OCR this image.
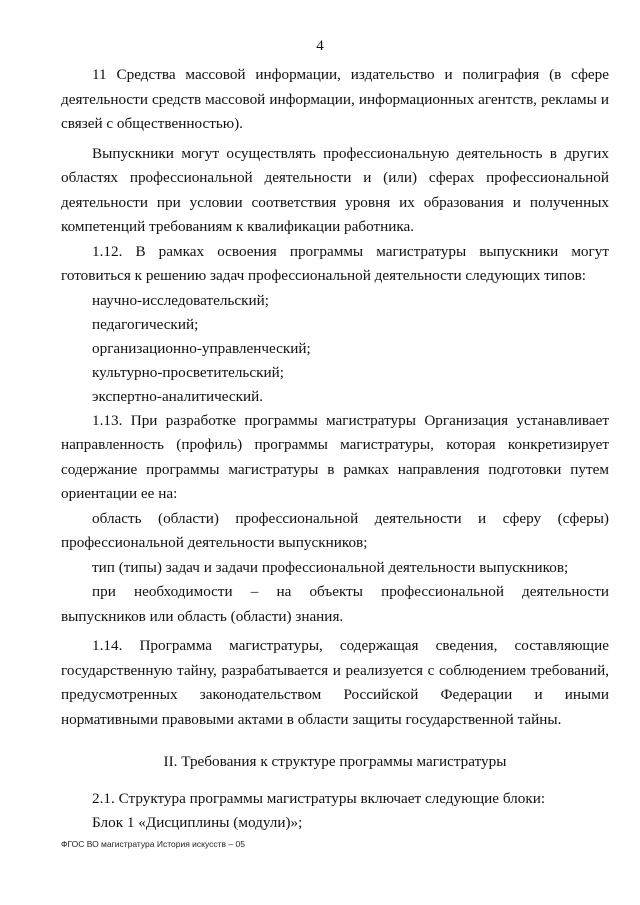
4

11 Средства массовой информации, издательство и полиграфия (в сфере деятельности средств массовой информации, информационных агентств, рекламы и связей с общественностью).

Выпускники могут осуществлять профессиональную деятельность в других областях профессиональной деятельности и (или) сферах профессиональной деятельности при условии соответствия уровня их образования и полученных компетенций требованиям к квалификации работника.

1.12. В рамках освоения программы магистратуры выпускники могут готовиться к решению задач профессиональной деятельности следующих типов:

научно-исследовательский;

педагогический;

организационно-управленческий;

культурно-просветительский;

экспертно-аналитический.

1.13. При разработке программы магистратуры Организация устанавливает направленность (профиль) программы магистратуры, которая конкретизирует содержание программы магистратуры в рамках направления подготовки путем ориентации ее на:

область (области) профессиональной деятельности и сферу (сферы) профессиональной деятельности выпускников;

тип (типы) задач и задачи профессиональной деятельности выпускников;

при необходимости – на объекты профессиональной деятельности выпускников или область (области) знания.

1.14. Программа магистратуры, содержащая сведения, составляющие государственную тайну, разрабатывается и реализуется с соблюдением требований, предусмотренных законодательством Российской Федерации и иными нормативными правовыми актами в области защиты государственной тайны.

II. Требования к структуре программы магистратуры

2.1. Структура программы магистратуры включает следующие блоки:

Блок 1 «Дисциплины (модули)»;

ФГОС ВО магистратура История искусств – 05
